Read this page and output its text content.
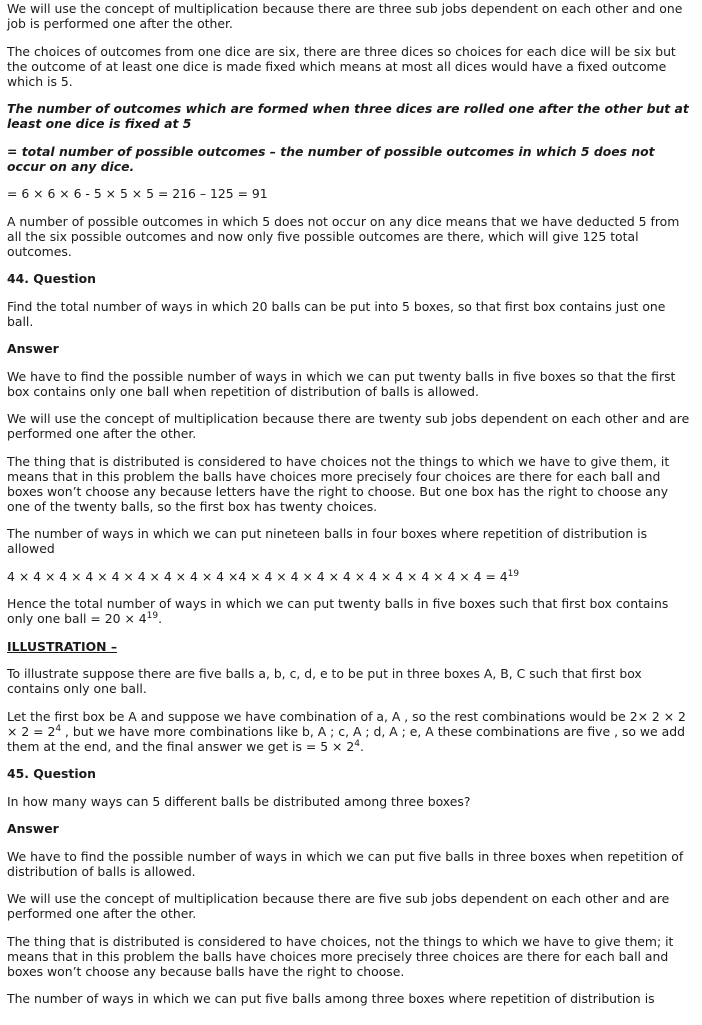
We will use the concept of multiplication because there are three sub jobs dependent on each other and one job is performed one after the other.

The choices of outcomes from one dice are six, there are three dices so choices for each dice will be six but the outcome of at least one dice is made fixed which means at most all dices would have a fixed outcome which is 5.

The number of outcomes which are formed when three dices are rolled one after the other but at least one dice is fixed at 5

= total number of possible outcomes – the number of possible outcomes in which 5 does not occur on any dice.

= 6 × 6 × 6 - 5 × 5 × 5 = 216 – 125 = 91

A number of possible outcomes in which 5 does not occur on any dice means that we have deducted 5 from all the six possible outcomes and now only five possible outcomes are there, which will give 125 total outcomes.

44. Question

Find the total number of ways in which 20 balls can be put into 5 boxes, so that first box contains just one ball.

Answer

We have to find the possible number of ways in which we can put twenty balls in five boxes so that the first box contains only one ball when repetition of distribution of balls is allowed.

We will use the concept of multiplication because there are twenty sub jobs dependent on each other and are performed one after the other.

The thing that is distributed is considered to have choices not the things to which we have to give them, it means that in this problem the balls have choices more precisely four choices are there for each ball and boxes won’t choose any because letters have the right to choose. But one box has the right to choose any one of the twenty balls, so the first box has twenty choices.

The number of ways in which we can put nineteen balls in four boxes where repetition of distribution is allowed

$4 \times 4 \times 4 \times 4 \times 4 \times 4 \times 4 \times 4 \times 4 \times 4 \times 4 \times 4 \times 4 \times 4 \times 4 \times 4 \times 4 \times 4 \times 4 = 4^{19}$

Hence the total number of ways in which we can put twenty balls in five boxes such that first box contains only one ball = $20 \times 4^{19}$.

ILLUSTRATION –

To illustrate suppose there are five balls a, b, c, d, e to be put in three boxes A, B, C such that first box contains only one ball.

Let the first box be A and suppose we have combination of a, A , so the rest combinations would be $2\times 2 \times 2 \times 2 = 2^4$ , but we have more combinations like b, A ; c, A ; d, A ; e, A these combinations are five , so we add them at the end, and the final answer we get is = $5 \times 2^4$.

45. Question

In how many ways can 5 different balls be distributed among three boxes?

Answer

We have to find the possible number of ways in which we can put five balls in three boxes when repetition of distribution of balls is allowed.

We will use the concept of multiplication because there are five sub jobs dependent on each other and are performed one after the other.

The thing that is distributed is considered to have choices, not the things to which we have to give them; it means that in this problem the balls have choices more precisely three choices are there for each ball and boxes won’t choose any because balls have the right to choose.

The number of ways in which we can put five balls among three boxes where repetition of distribution is
